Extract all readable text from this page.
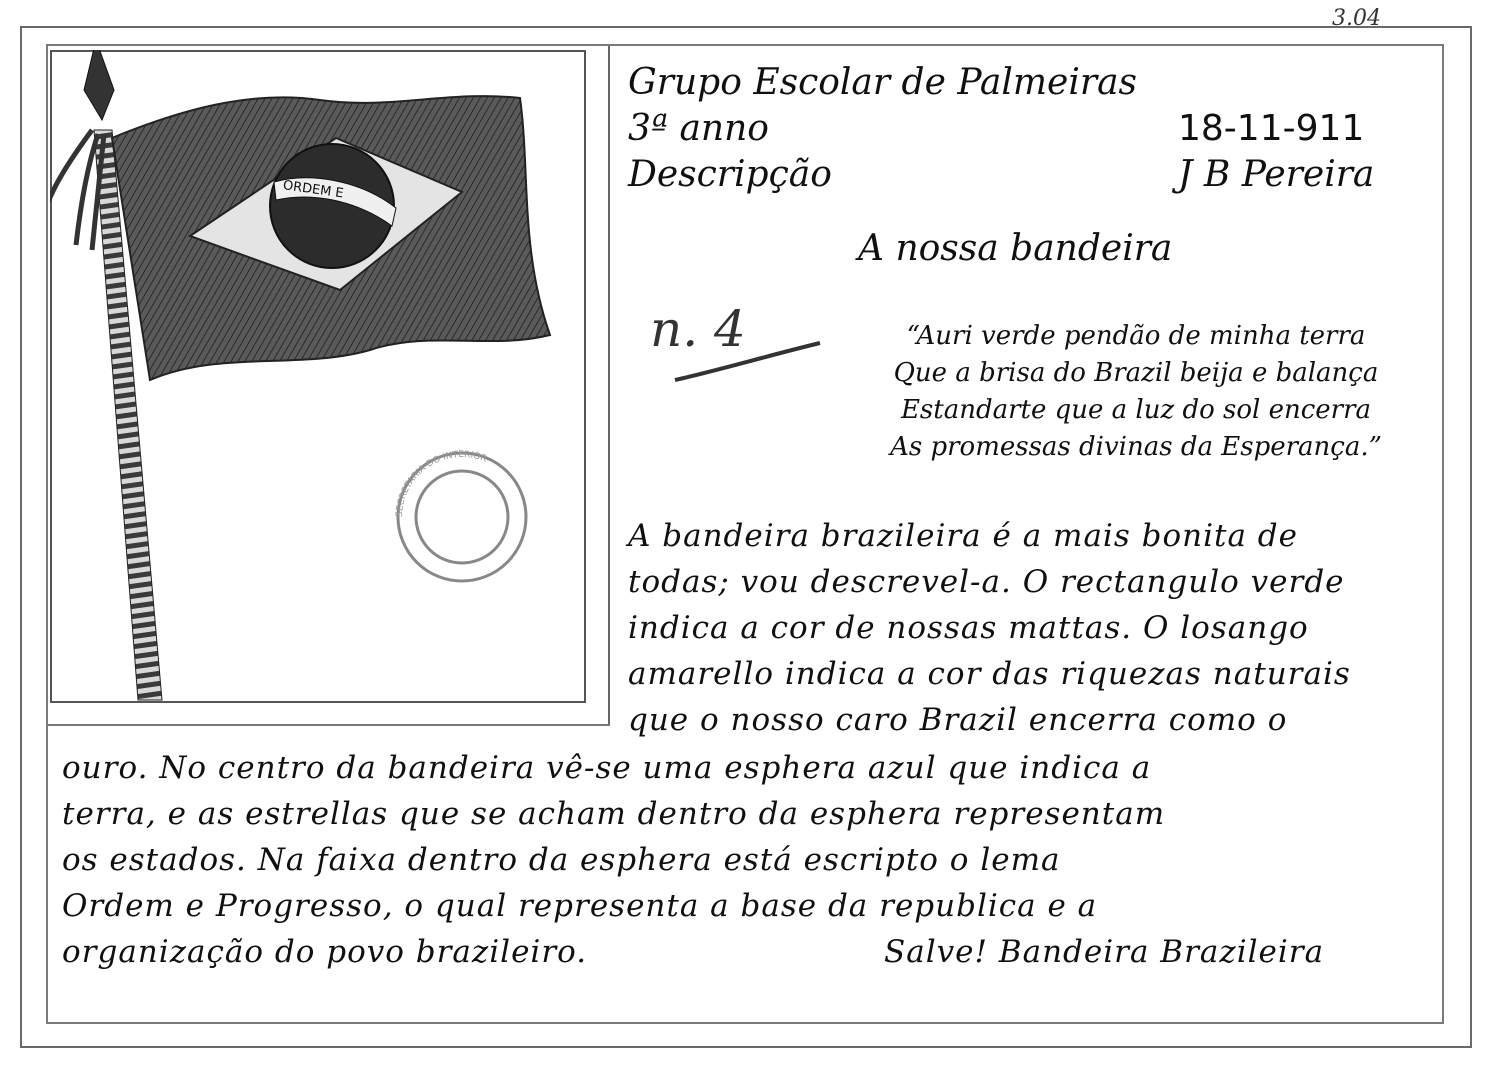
3.04
ORDEM E
SECRETARIA DO INTERIOR
Grupo Escolar de Palmeiras
3ª anno
Descripção
18-11-911
J B Pereira
A nossa bandeira
n. 4	“Auri verde pendão de minha terra
Que a brisa do Brazil beija e balança
Estandarte que a luz do sol encerra
As promessas divinas da Esperança.”
A bandeira brazileira é a mais bonita de
todas; vou descrevel-a. O rectangulo verde
indica a cor de nossas mattas. O losango
amarello indica a cor das riquezas naturais
que o nosso caro Brazil encerra como o
ouro. No centro da bandeira vê-se uma esphera azul que indica a
terra, e as estrellas que se acham dentro da esphera representam
os estados. Na faixa dentro da esphera está escripto o lema
Ordem e Progresso, o qual representa a base da republica e a
organização do povo brazileiro.	Salve! Bandeira Brazileira
